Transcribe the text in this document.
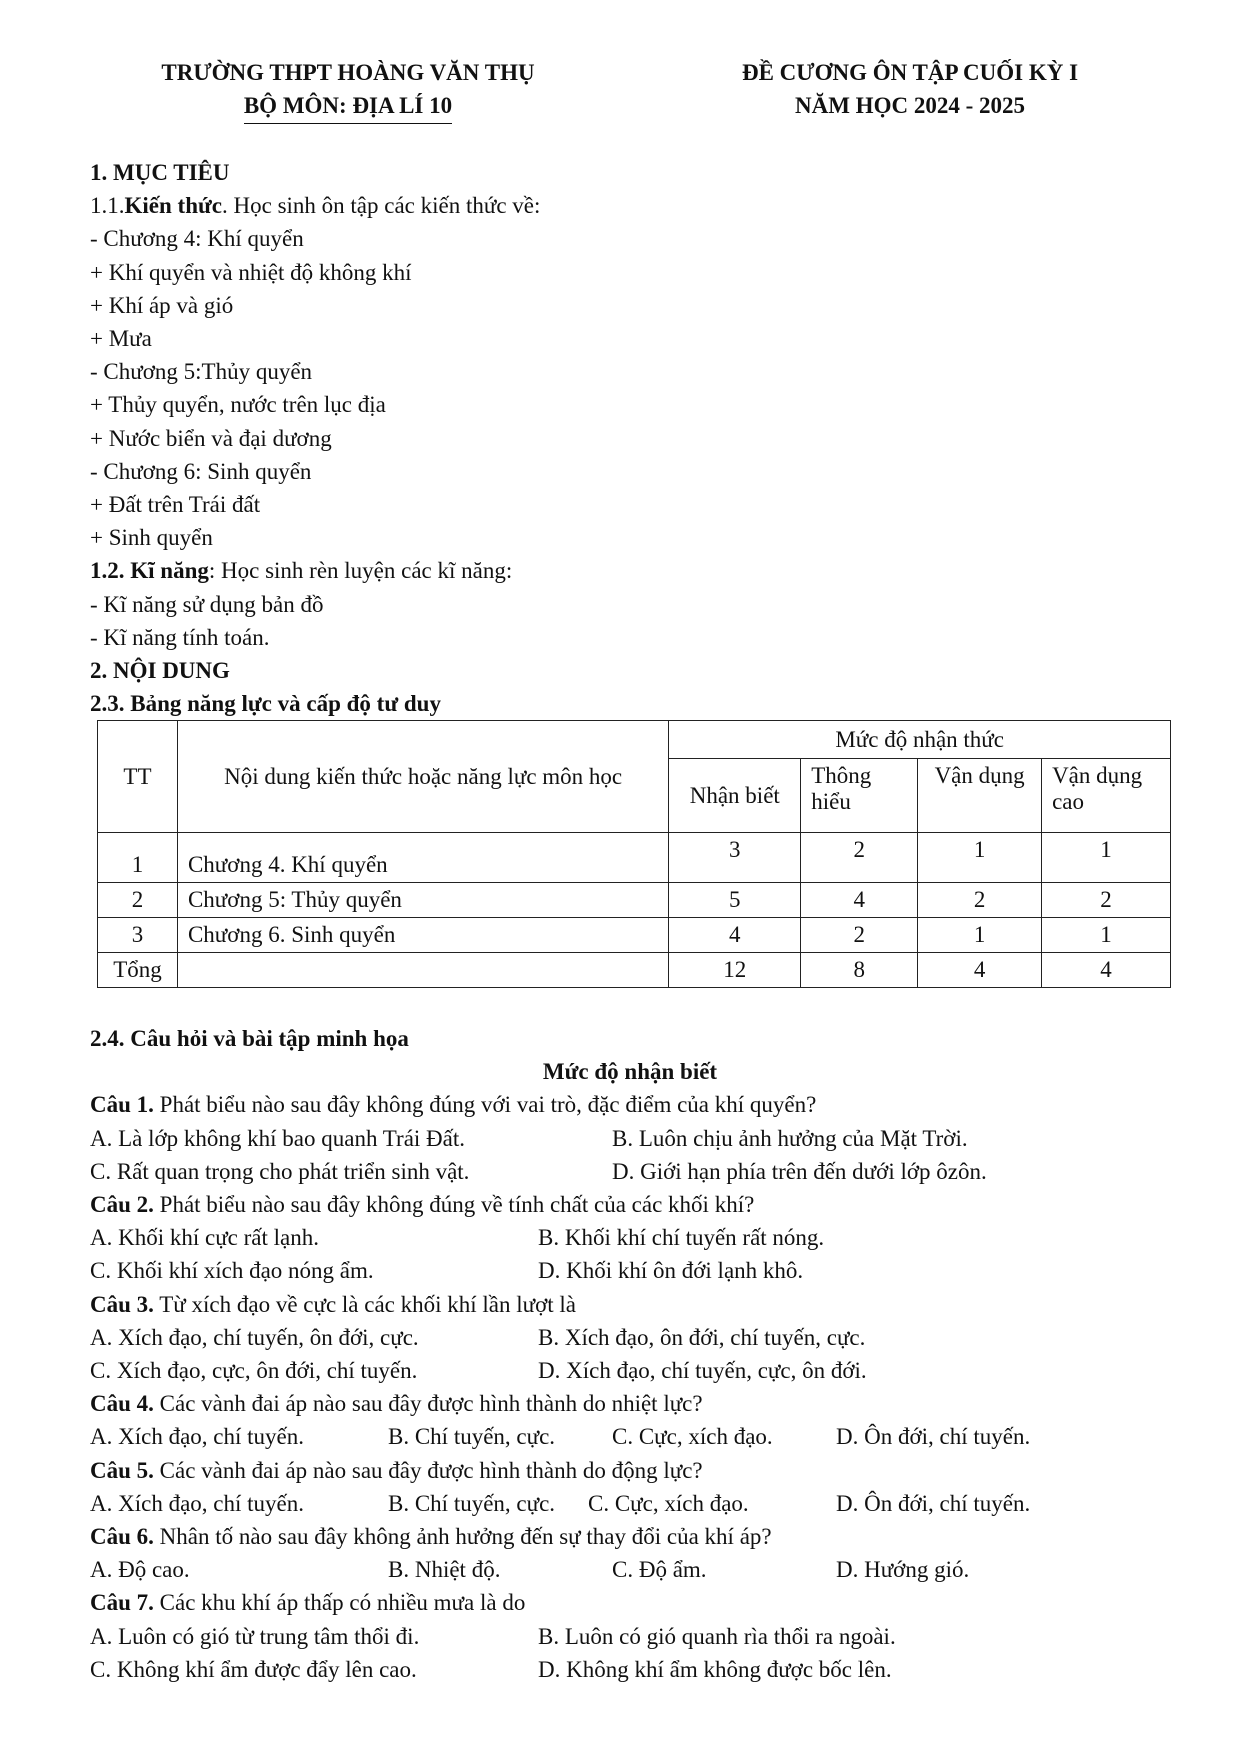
TRƯỜNG THPT HOÀNG VĂN THỤ
BỘ MÔN: ĐỊA LÍ 10
ĐỀ CƯƠNG ÔN TẬP CUỐI KỲ I
NĂM HỌC 2024 - 2025
1. MỤC TIÊU
1.1.Kiến thức. Học sinh ôn tập các kiến thức về:
- Chương 4: Khí quyển
+ Khí quyển và nhiệt độ không khí
+ Khí áp và gió
+ Mưa
- Chương 5:Thủy quyển
+ Thủy quyển, nước trên lục địa
+ Nước biển và đại dương
- Chương 6: Sinh quyển
+ Đất trên Trái đất
+ Sinh quyển
1.2. Kĩ năng: Học sinh rèn luyện các kĩ năng:
- Kĩ năng sử dụng bản đồ
- Kĩ năng tính toán.
2. NỘI DUNG
2.3. Bảng năng lực và cấp độ tư duy
TT	Nội dung kiến thức hoặc năng lực môn học	Mức độ nhận thức			
		Nhận biết	Thông hiểu	Vận dụng	Vận dụng cao
1	Chương 4. Khí quyển	3	2	1	1
2	Chương 5: Thủy quyển	5	4	2	2
3	Chương 6. Sinh quyển	4	2	1	1
Tổng		12	8	4	4
2.4. Câu hỏi và bài tập minh họa
Mức độ nhận biết
Câu 1. Phát biểu nào sau đây không đúng với vai trò, đặc điểm của khí quyển?
A. Là lớp không khí bao quanh Trái Đất.	B. Luôn chịu ảnh hưởng của Mặt Trời.
C. Rất quan trọng cho phát triển sinh vật.	D. Giới hạn phía trên đến dưới lớp ôzôn.
Câu 2. Phát biểu nào sau đây không đúng về tính chất của các khối khí?
A. Khối khí cực rất lạnh.	B. Khối khí chí tuyến rất nóng.
C. Khối khí xích đạo nóng ẩm.	D. Khối khí ôn đới lạnh khô.
Câu 3. Từ xích đạo về cực là các khối khí lần lượt là
A. Xích đạo, chí tuyến, ôn đới, cực.	B. Xích đạo, ôn đới, chí tuyến, cực.
C. Xích đạo, cực, ôn đới, chí tuyến.	D. Xích đạo, chí tuyến, cực, ôn đới.
Câu 4. Các vành đai áp nào sau đây được hình thành do nhiệt lực?
A. Xích đạo, chí tuyến.	B. Chí tuyến, cực.	C. Cực, xích đạo.	D. Ôn đới, chí tuyến.
Câu 5. Các vành đai áp nào sau đây được hình thành do động lực?
A. Xích đạo, chí tuyến.	B. Chí tuyến, cực.	C. Cực, xích đạo.	D. Ôn đới, chí tuyến.
Câu 6. Nhân tố nào sau đây không ảnh hưởng đến sự thay đổi của khí áp?
A. Độ cao.	B. Nhiệt độ.	C. Độ ẩm.	D. Hướng gió.
Câu 7. Các khu khí áp thấp có nhiều mưa là do
A. Luôn có gió từ trung tâm thổi đi.	B. Luôn có gió quanh rìa thổi ra ngoài.
C. Không khí ẩm được đẩy lên cao.	D. Không khí ẩm không được bốc lên.
